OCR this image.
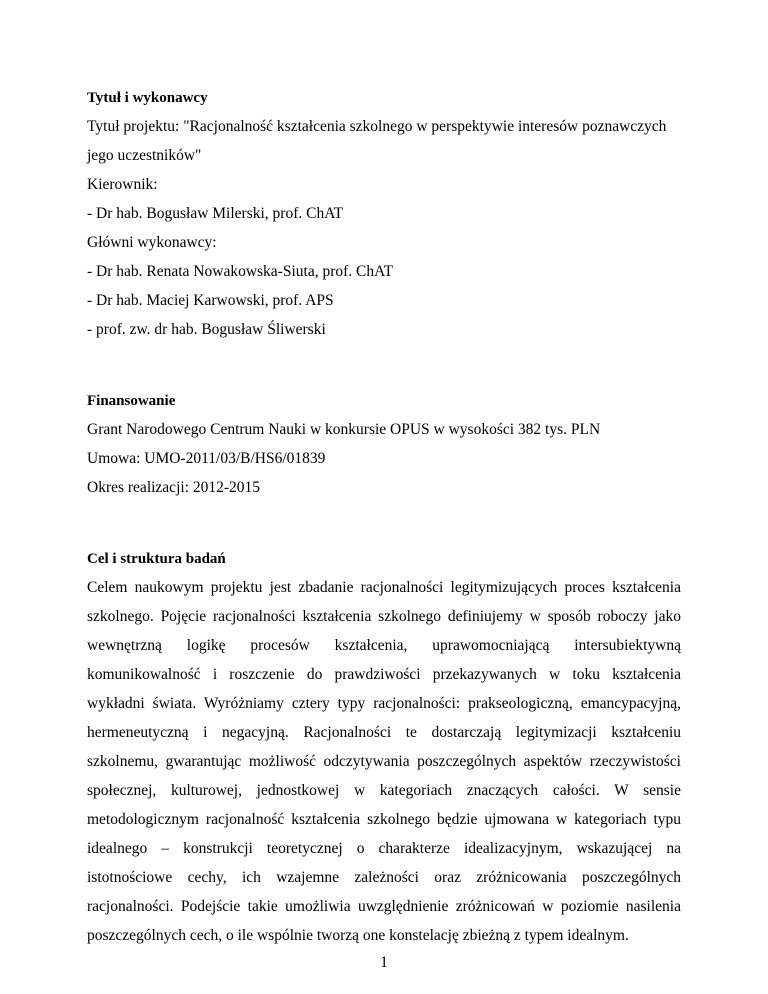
Tytuł i wykonawcy
Tytuł projektu: "Racjonalność kształcenia szkolnego w perspektywie interesów poznawczych
jego uczestników"
Kierownik:
- Dr hab. Bogusław Milerski, prof. ChAT
Główni wykonawcy:
- Dr hab. Renata Nowakowska-Siuta, prof. ChAT
- Dr hab. Maciej Karwowski, prof. APS
- prof. zw. dr hab. Bogusław Śliwerski
Finansowanie
Grant Narodowego Centrum Nauki w konkursie OPUS w wysokości 382 tys. PLN
Umowa: UMO-2011/03/B/HS6/01839
Okres realizacji: 2012-2015
Cel i struktura badań
Celem naukowym projektu jest zbadanie racjonalności legitymizujących proces kształcenia
szkolnego. Pojęcie racjonalności kształcenia szkolnego definiujemy w sposób roboczy jako
wewnętrzną logikę procesów kształcenia, uprawomocniającą intersubiektywną
komunikowalność i roszczenie do prawdziwości przekazywanych w toku kształcenia
wykładni świata. Wyróżniamy cztery typy racjonalności: prakseologiczną, emancypacyjną,
hermeneutyczną i negacyjną. Racjonalności te dostarczają legitymizacji kształceniu
szkolnemu, gwarantując możliwość odczytywania poszczególnych aspektów rzeczywistości
społecznej, kulturowej, jednostkowej w kategoriach znaczących całości. W sensie
metodologicznym racjonalność kształcenia szkolnego będzie ujmowana w kategoriach typu
idealnego – konstrukcji teoretycznej o charakterze idealizacyjnym, wskazującej na
istotnościowe cechy, ich wzajemne zależności oraz zróżnicowania poszczególnych
racjonalności. Podejście takie umożliwia uwzględnienie zróżnicowań w poziomie nasilenia
poszczególnych cech, o ile wspólnie tworzą one konstelację zbieżną z typem idealnym.
1
